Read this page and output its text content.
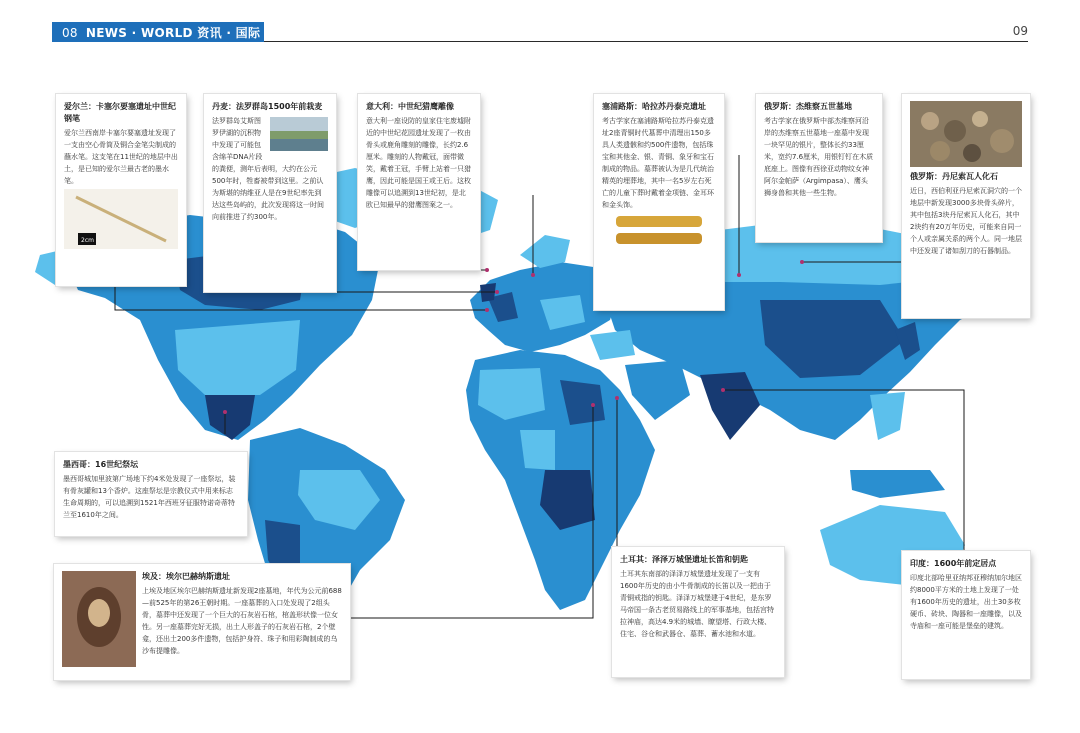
08 NEWS · WORLD 资讯 · 国际	09
爱尔兰：卡塞尔要塞遗址中世纪钢笔
爱尔兰西南岸卡塞尔要塞遗址发现了一支由空心骨筒及铜合金笔尖制成的蘸水笔。这支笔在11世纪的地层中出土，是已知的爱尔兰最古老的墨水笔。
2cm
丹麦：法罗群岛1500年前栽麦
法罗群岛艾斯图罗伊湖的沉积物中发现了可能包含绵羊DNA片段的粪便，测年后表明，大约在公元500年时，牲畜被带到这里。之前认为斯堪的纳维亚人是在9世纪率先到达这些岛屿的，此次发现将这一时间向前推进了约300年。
意大利：中世纪猎鹰雕像
意大利一座设防的皇家住宅废墟附近的中世纪花园遗址发现了一枚由骨头或鹿角雕刻的雕像，长约2.6厘米。雕刻的人物戴冠，面带微笑，戴着王冠，手臂上站着一只猎鹰，因此可能是国王或王后。这枚雕像可以追溯到13世纪初，是北欧已知最早的猎鹰图案之一。
塞浦路斯：哈拉苏丹泰克遗址
考古学家在塞浦路斯哈拉苏丹泰克遗址2座青铜时代墓葬中清理出150多具人类遗骸和约500件遗物，包括珠宝和其他金、银、青铜、象牙和宝石制成的物品。墓葬被认为是几代统治精英的埋葬地，其中一名5岁左右死亡的儿童下葬时戴着金项链、金耳环和金头饰。
俄罗斯：杰维察五世墓地
考古学家在俄罗斯中部杰维察河沿岸的杰维察五世墓地一座墓中发现一块罕见的银片，整体长约33厘米，宽约7.6厘米，用银钉钉在木质底座上。图像有西徐亚动物纹女神阿尔金帕萨（Argimpasa）、鹰头狮身兽和其他一些生物。
俄罗斯：丹尼索瓦人化石
近日，西伯利亚丹尼索瓦洞穴的一个地层中新发现3000多块骨头碎片，其中包括3块丹尼索瓦人化石，其中2块约有20万年历史，可能来自同一个人或亲属关系的两个人。同一地层中还发现了诸如刮刀的石器制品。
墨西哥：16世纪祭坛
墨西哥城加里波第广场地下约4米处发现了一座祭坛，装有骨灰罐和13个香炉。这座祭坛是宗教仪式中用来标志生命周期的，可以追溯到1521年西班牙征服特诺奇蒂特兰至1610年之间。
埃及：埃尔巴赫纳斯遗址
上埃及地区埃尔巴赫纳斯遗址新发现2座墓地，年代为公元前688—前525年的第26王朝时期。一座墓葬的入口处发现了2组头骨，墓葬中还发现了一个巨大的石灰岩石棺，棺盖形状像一位女性。另一座墓葬完好无损，出土人形盖子的石灰岩石棺，2个壁龛，还出土200多件遗物，包括护身符、珠子和用彩陶制成的乌沙布提雕像。
土耳其：泽泽万城堡遗址长笛和钥匙
土耳其东南部的泽泽万城堡遗址发现了一支有1600年历史的由小牛骨制成的长笛以及一把由于青铜戒指的钥匙。泽泽万城堡建于4世纪，是东罗马帝国一条古老贸易路线上的军事基地，包括宫特拉神庙，高达4.9米的城墙、瞭望塔、行政大楼、住宅、谷仓和武器仓、墓葬、蓄水池和水道。
印度：1600年前定居点
印度北部哈里亚纳邦亚穆纳加尔地区约8000平方米的土地上发现了一处有1600年历史的遗址，出土30多枚硬币、砖块、陶器和一座雕像，以及寺庙和一座可能是堡垒的建筑。
